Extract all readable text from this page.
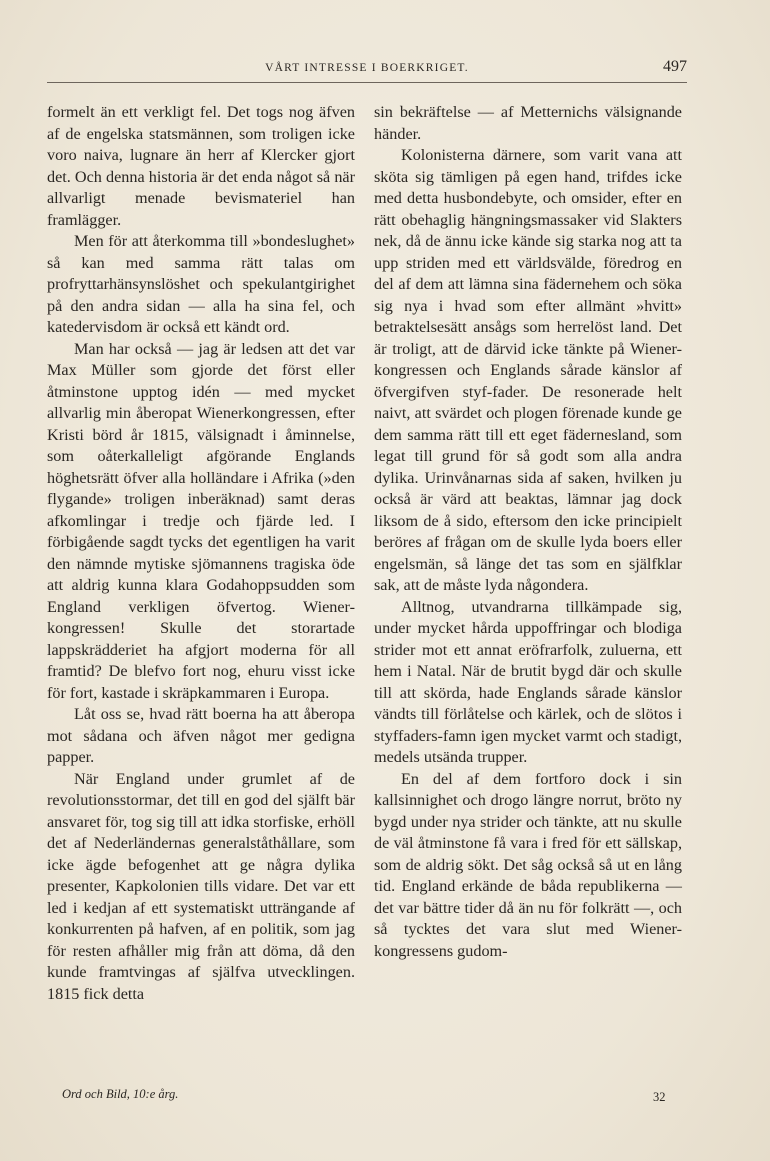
VÅRT INTRESSE I BOERKRIGET.	497

formelt än ett verkligt fel. Det togs nog äfven af de engelska statsmännen, som troligen icke voro naiva, lugnare än herr af Klercker gjort det. Och denna historia är det enda något så när allvarligt menade bevismateriel han framlägger.

Men för att återkomma till »bondeslughet» så kan med samma rätt talas om profryttarhänsynslöshet och spekulantgirighet på den andra sidan — alla ha sina fel, och katedervisdom är också ett kändt ord.

Man har också — jag är ledsen att det var Max Müller som gjorde det först eller åtminstone upptog idén — med mycket allvarlig min åberopat Wienerkongressen, efter Kristi börd år 1815, välsignadt i åminnelse, som oåterkalleligt afgörande Englands höghetsrätt öfver alla holländare i Afrika (»den flygande» troligen inberäknad) samt deras afkomlingar i tredje och fjärde led. I förbigående sagdt tycks det egentligen ha varit den nämnde mytiske sjömannens tragiska öde att aldrig kunna klara Godahoppsudden som England verkligen öfvertog. Wiener-kongressen! Skulle det storartade lappskrädderiet ha afgjort moderna för all framtid? De blefvo fort nog, ehuru visst icke för fort, kastade i skräpkammaren i Europa.

Låt oss se, hvad rätt boerna ha att åberopa mot sådana och äfven något mer gedigna papper.

När England under grumlet af de revolutionsstormar, det till en god del själft bär ansvaret för, tog sig till att idka storfiske, erhöll det af Nederländernas generalståthållare, som icke ägde befogenhet att ge några dylika presenter, Kapkolonien tills vidare. Det var ett led i kedjan af ett systematiskt utträngande af konkurrenten på hafven, af en politik, som jag för resten afhåller mig från att döma, då den kunde framtvingas af själfva utvecklingen. 1815 fick detta

sin bekräftelse — af Metternichs välsignande händer.

Kolonisterna därnere, som varit vana att sköta sig tämligen på egen hand, trifdes icke med detta husbondebyte, och omsider, efter en rätt obehaglig hängningsmassaker vid Slakters nek, då de ännu icke kände sig starka nog att ta upp striden med ett världsvälde, föredrog en del af dem att lämna sina fädernehem och söka sig nya i hvad som efter allmänt »hvitt» betraktelsesätt ansågs som herrelöst land. Det är troligt, att de därvid icke tänkte på Wiener-kongressen och Englands sårade känslor af öfvergifven styf-fader. De resonerade helt naivt, att svärdet och plogen förenade kunde ge dem samma rätt till ett eget fädernesland, som legat till grund för så godt som alla andra dylika. Urinvånarnas sida af saken, hvilken ju också är värd att beaktas, lämnar jag dock liksom de å sido, eftersom den icke principielt beröres af frågan om de skulle lyda boers eller engelsmän, så länge det tas som en själfklar sak, att de måste lyda någondera.

Alltnog, utvandrarna tillkämpade sig, under mycket hårda uppoffringar och blodiga strider mot ett annat eröfrarfolk, zuluerna, ett hem i Natal. När de brutit bygd där och skulle till att skörda, hade Englands sårade känslor vändts till förlåtelse och kärlek, och de slötos i styffaders-famn igen mycket varmt och stadigt, medels utsända trupper.

En del af dem fortforo dock i sin kallsinnighet och drogo längre norrut, bröto ny bygd under nya strider och tänkte, att nu skulle de väl åtminstone få vara i fred för ett sällskap, som de aldrig sökt. Det såg också så ut en lång tid. England erkände de båda republikerna — det var bättre tider då än nu för folkrätt —, och så tycktes det vara slut med Wiener-kongressens gudom-

Ord och Bild, 10:e årg.	32
